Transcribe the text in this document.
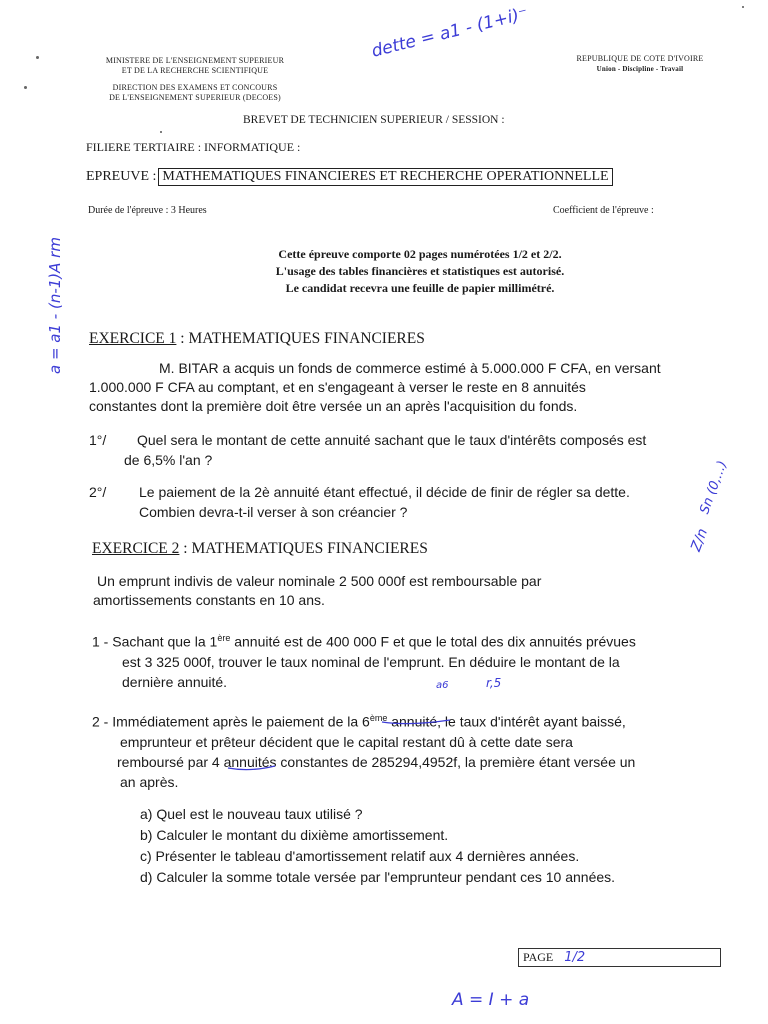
MINISTERE DE L'ENSEIGNEMENT SUPERIEUR
ET DE LA RECHERCHE SCIENTIFIQUE
DIRECTION DES EXAMENS ET CONCOURS
DE L'ENSEIGNEMENT SUPERIEUR (DECOES)
REPUBLIQUE DE COTE D'IVOIRE
Union - Discipline - Travail
BREVET DE TECHNICIEN SUPERIEUR / SESSION :
FILIERE TERTIAIRE : INFORMATIQUE :
EPREUVE : MATHEMATIQUES FINANCIERES ET RECHERCHE OPERATIONNELLE
Durée de l'épreuve : 3 Heures	Coefficient de l'épreuve :
Cette épreuve comporte 02 pages numérotées 1/2 et 2/2.
L'usage des tables financières et statistiques est autorisé.
Le candidat recevra une feuille de papier millimétré.
EXERCICE 1 : MATHEMATIQUES FINANCIERES
M. BITAR a acquis un fonds de commerce estimé à 5.000.000 F CFA, en versant
1.000.000 F CFA au comptant, et en s'engageant à verser le reste en 8 annuités
constantes dont la première doit être versée un an après l'acquisition du fonds.
1°/ Quel sera le montant de cette annuité sachant que le taux d'intérêts composés est
de 6,5% l'an ?
2°/ Le paiement de la 2è annuité étant effectué, il décide de finir de régler sa dette.
Combien devra-t-il verser à son créancier ?
EXERCICE 2 : MATHEMATIQUES FINANCIERES
Un emprunt indivis de valeur nominale 2 500 000f est remboursable par
amortissements constants en 10 ans.
1 - Sachant que la 1ère annuité est de 400 000 F et que le total des dix annuités prévues
est 3 325 000f, trouver le taux nominal de l'emprunt. En déduire le montant de la
dernière annuité.
2 - Immédiatement après le paiement de la 6ème annuité, le taux d'intérêt ayant baissé,
emprunteur et prêteur décident que le capital restant dû à cette date sera
remboursé par 4 annuités constantes de 285294,4952f, la première étant versée un
an après.
a) Quel est le nouveau taux utilisé ?
b) Calculer le montant du dixième amortissement.
c) Présenter le tableau d'amortissement relatif aux 4 dernières années.
d) Calculer la somme totale versée par l'emprunteur pendant ces 10 années.
PAGE 1/2
dette = a1 - (1+i)⁻
a = a1 - (n-1)A rm
Z/n
Sn (0,...)
a6	r,5
A = I + a
